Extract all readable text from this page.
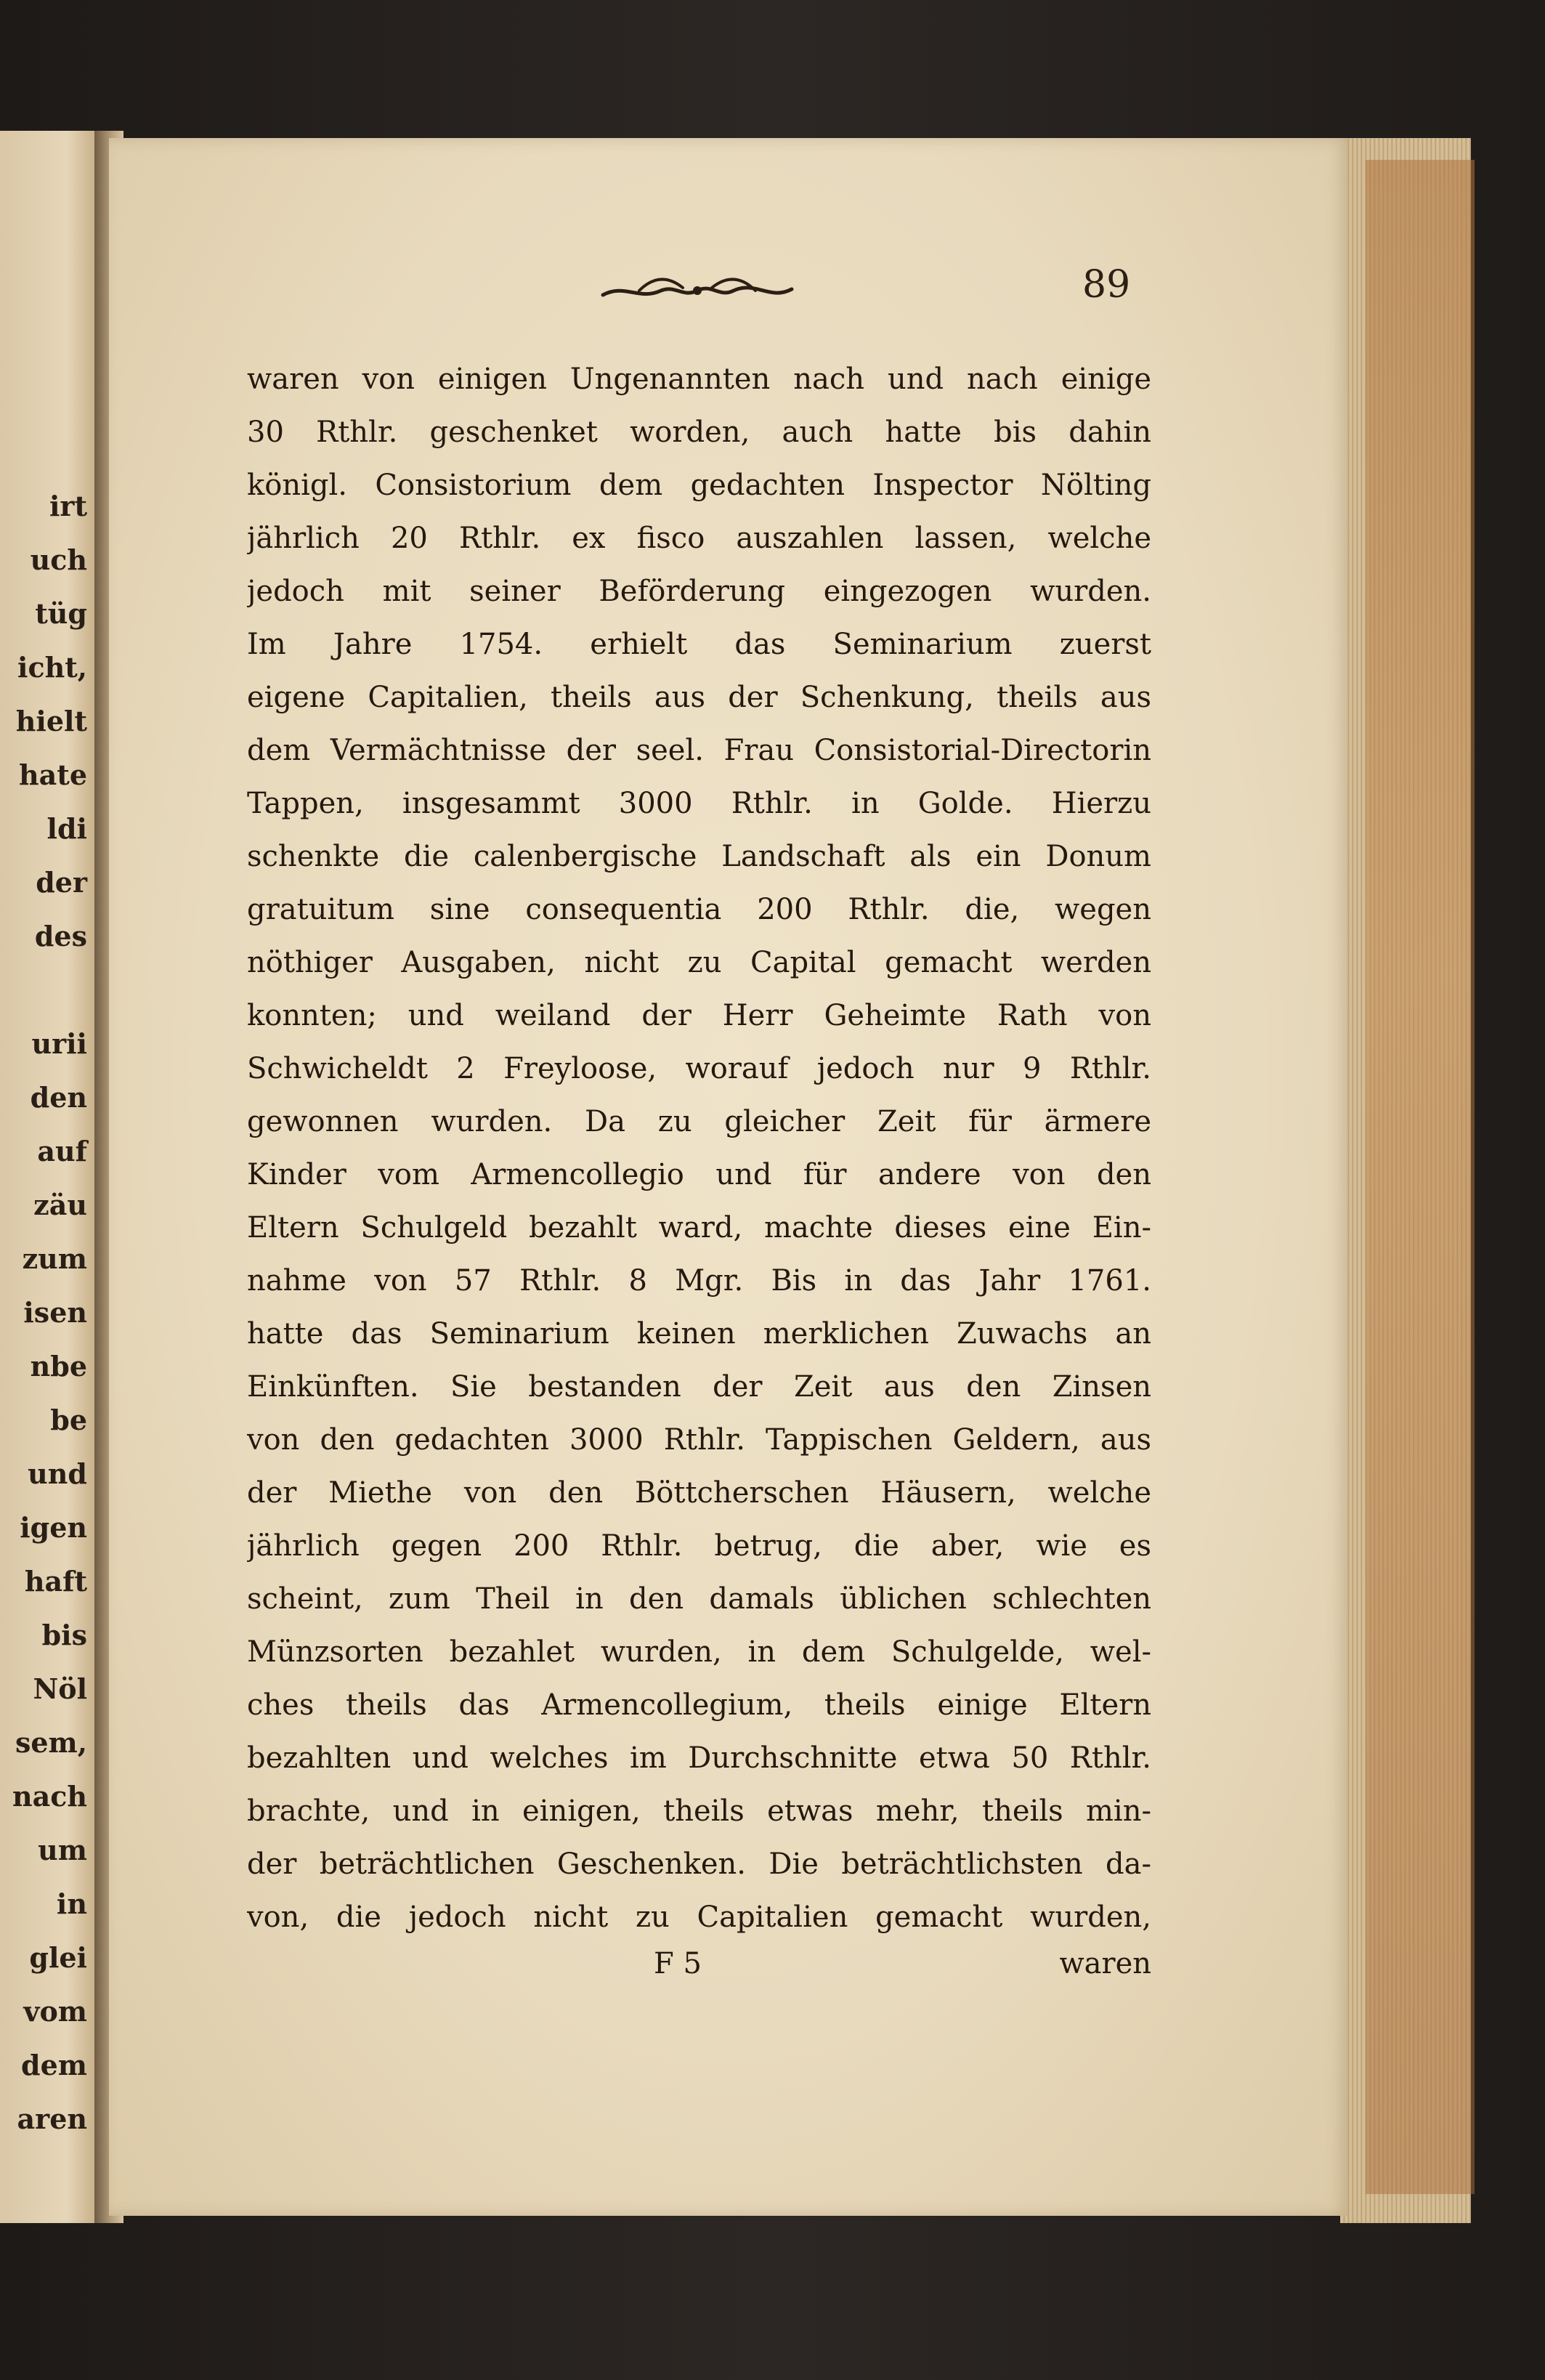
irt
uch
tüg
icht,
hielt
hate
ldi
der
des
urii
den
auf
zäu
zum
isen
nbe
be
und
igen
haft
bis
Nöl
sem,
nach
um
in
glei
vom
dem
aren
89
waren von einigen Ungenannten nach und nach einige
30 Rthlr. geschenket worden, auch hatte bis dahin
königl. Consistorium dem gedachten Inspector Nölting
jährlich 20 Rthlr. ex fisco auszahlen lassen, welche
jedoch mit seiner Beförderung eingezogen wurden.
Im Jahre 1754. erhielt das Seminarium zuerst
eigene Capitalien, theils aus der Schenkung, theils aus
dem Vermächtnisse der seel. Frau Consistorial-Directorin
Tappen, insgesammt 3000 Rthlr. in Golde. Hierzu
schenkte die calenbergische Landschaft als ein Donum
gratuitum sine consequentia 200 Rthlr. die, wegen
nöthiger Ausgaben, nicht zu Capital gemacht werden
konnten; und weiland der Herr Geheimte Rath von
Schwicheldt 2 Freyloose, worauf jedoch nur 9 Rthlr.
gewonnen wurden. Da zu gleicher Zeit für ärmere
Kinder vom Armencollegio und für andere von den
Eltern Schulgeld bezahlt ward, machte dieses eine Ein-
nahme von 57 Rthlr. 8 Mgr. Bis in das Jahr 1761.
hatte das Seminarium keinen merklichen Zuwachs an
Einkünften. Sie bestanden der Zeit aus den Zinsen
von den gedachten 3000 Rthlr. Tappischen Geldern, aus
der Miethe von den Böttcherschen Häusern, welche
jährlich gegen 200 Rthlr. betrug, die aber, wie es
scheint, zum Theil in den damals üblichen schlechten
Münzsorten bezahlet wurden, in dem Schulgelde, wel-
ches theils das Armencollegium, theils einige Eltern
bezahlten und welches im Durchschnitte etwa 50 Rthlr.
brachte, und in einigen, theils etwas mehr, theils min-
der beträchtlichen Geschenken. Die beträchtlichsten da-
von, die jedoch nicht zu Capitalien gemacht wurden,
F 5	waren
